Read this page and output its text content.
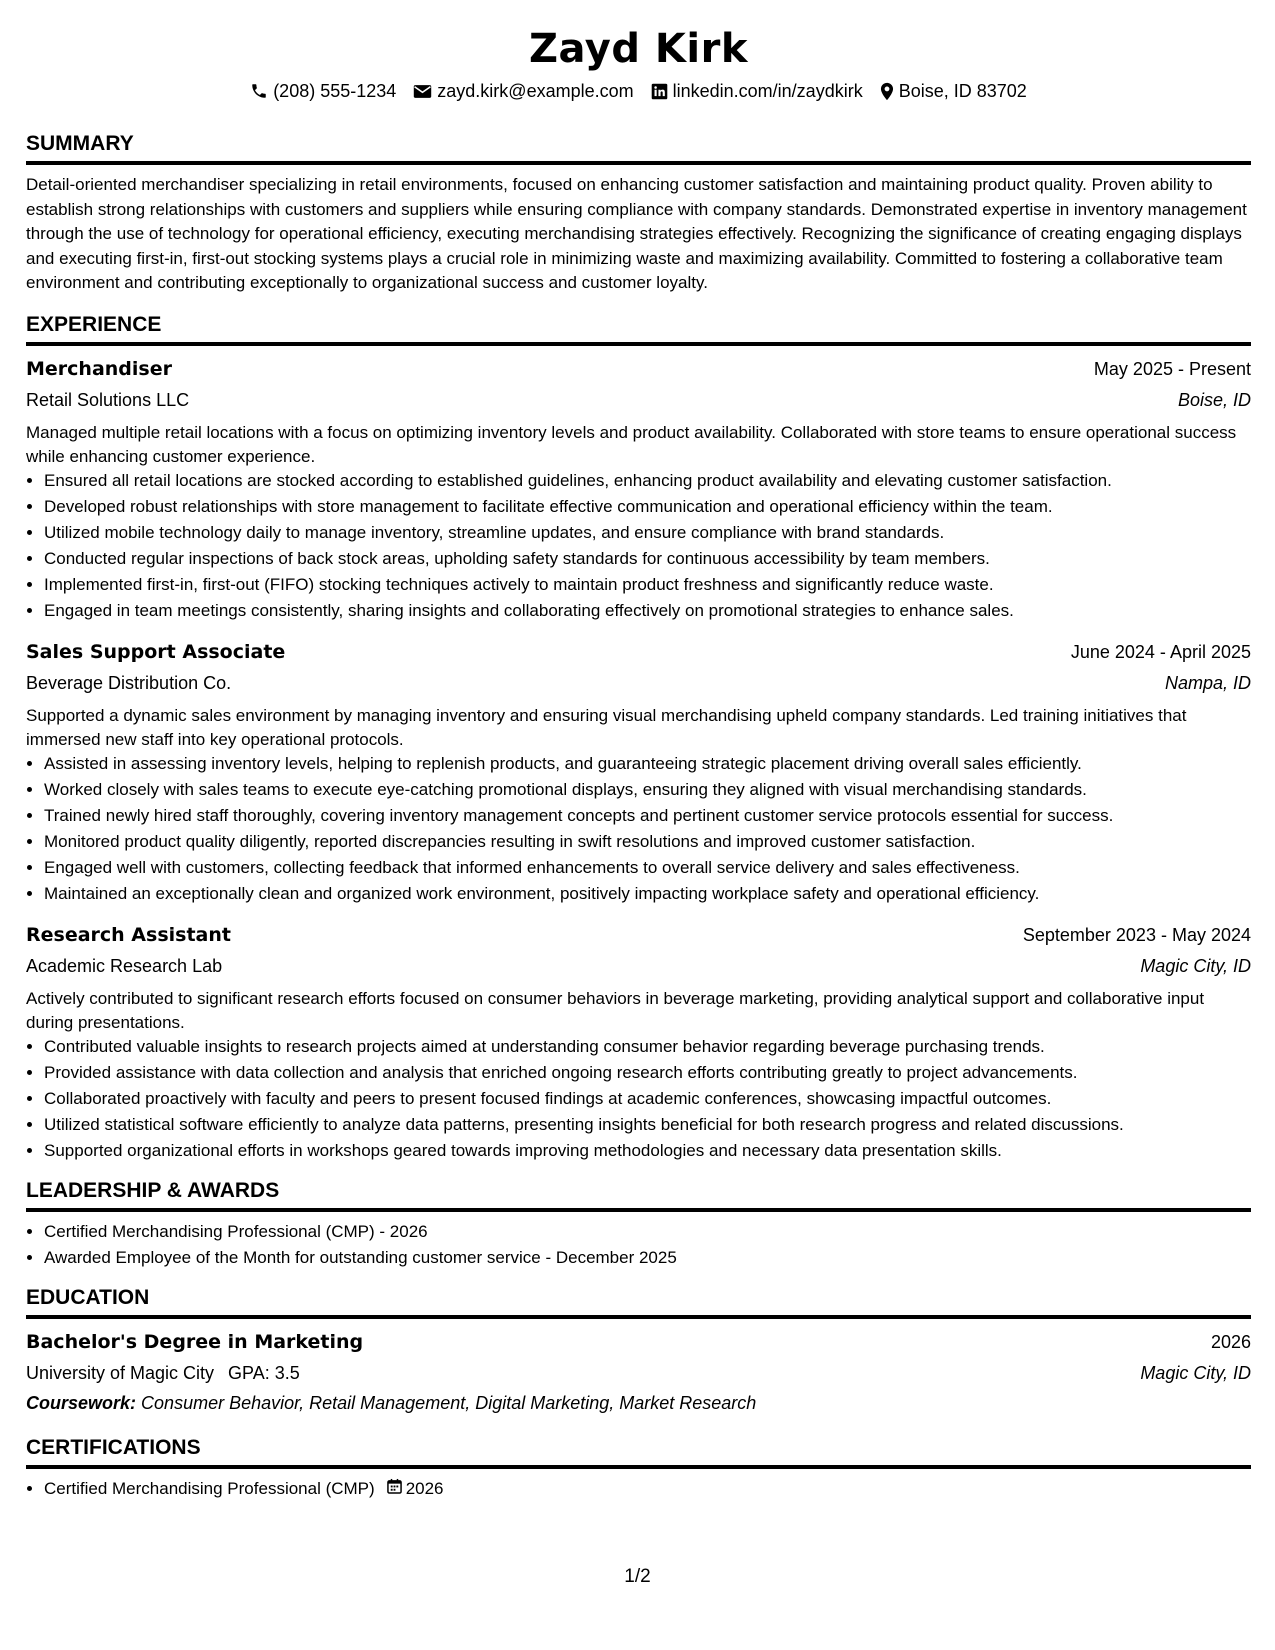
Zayd Kirk
(208) 555-1234 zayd.kirk@example.com linkedin.com/in/zaydkirk Boise, ID 83702
SUMMARY

Detail-oriented merchandiser specializing in retail environments, focused on enhancing customer satisfaction and maintaining product quality. Proven ability to establish strong relationships with customers and suppliers while ensuring compliance with company standards. Demonstrated expertise in inventory management through the use of technology for operational efficiency, executing merchandising strategies effectively. Recognizing the significance of creating engaging displays and executing first-in, first-out stocking systems plays a crucial role in minimizing waste and maximizing availability. Committed to fostering a collaborative team environment and contributing exceptionally to organizational success and customer loyalty.

EXPERIENCE
Merchandiser	May 2025 - Present
Retail Solutions LLC	Boise, ID
Managed multiple retail locations with a focus on optimizing inventory levels and product availability. Collaborated with store teams to ensure operational success while enhancing customer experience.
• Ensured all retail locations are stocked according to established guidelines, enhancing product availability and elevating customer satisfaction.
• Developed robust relationships with store management to facilitate effective communication and operational efficiency within the team.
• Utilized mobile technology daily to manage inventory, streamline updates, and ensure compliance with brand standards.
• Conducted regular inspections of back stock areas, upholding safety standards for continuous accessibility by team members.
• Implemented first-in, first-out (FIFO) stocking techniques actively to maintain product freshness and significantly reduce waste.
• Engaged in team meetings consistently, sharing insights and collaborating effectively on promotional strategies to enhance sales.
Sales Support Associate	June 2024 - April 2025
Beverage Distribution Co.	Nampa, ID
Supported a dynamic sales environment by managing inventory and ensuring visual merchandising upheld company standards. Led training initiatives that immersed new staff into key operational protocols.
• Assisted in assessing inventory levels, helping to replenish products, and guaranteeing strategic placement driving overall sales efficiently.
• Worked closely with sales teams to execute eye-catching promotional displays, ensuring they aligned with visual merchandising standards.
• Trained newly hired staff thoroughly, covering inventory management concepts and pertinent customer service protocols essential for success.
• Monitored product quality diligently, reported discrepancies resulting in swift resolutions and improved customer satisfaction.
• Engaged well with customers, collecting feedback that informed enhancements to overall service delivery and sales effectiveness.
• Maintained an exceptionally clean and organized work environment, positively impacting workplace safety and operational efficiency.
Research Assistant	September 2023 - May 2024
Academic Research Lab	Magic City, ID
Actively contributed to significant research efforts focused on consumer behaviors in beverage marketing, providing analytical support and collaborative input during presentations.
• Contributed valuable insights to research projects aimed at understanding consumer behavior regarding beverage purchasing trends.
• Provided assistance with data collection and analysis that enriched ongoing research efforts contributing greatly to project advancements.
• Collaborated proactively with faculty and peers to present focused findings at academic conferences, showcasing impactful outcomes.
• Utilized statistical software efficiently to analyze data patterns, presenting insights beneficial for both research progress and related discussions.
• Supported organizational efforts in workshops geared towards improving methodologies and necessary data presentation skills.
LEADERSHIP & AWARDS
• Certified Merchandising Professional (CMP) - 2026
• Awarded Employee of the Month for outstanding customer service - December 2025
EDUCATION
Bachelor's Degree in Marketing	2026
University of Magic City GPA: 3.5	Magic City, ID
Coursework: Consumer Behavior, Retail Management, Digital Marketing, Market Research
CERTIFICATIONS
• Certified Merchandising Professional (CMP) 2026
1/2
